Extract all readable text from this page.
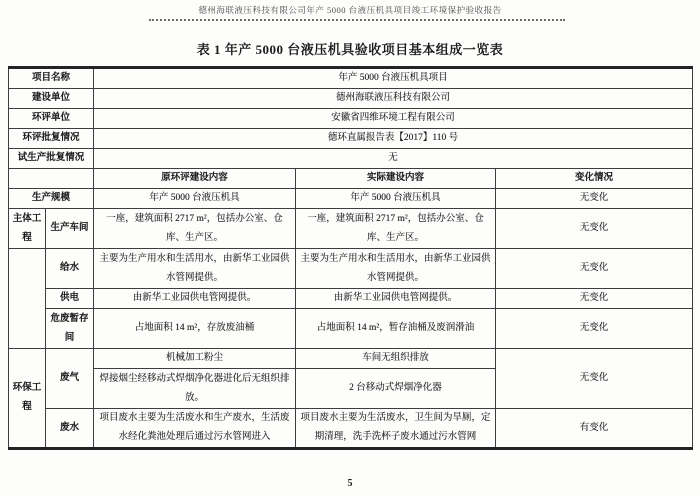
德州海联液压科技有限公司年产 5000 台液压机具项目竣工环境保护验收报告
表 1 年产 5000 台液压机具验收项目基本组成一览表
项目名称		年产 5000 台液压机具项目		
建设单位		德州海联液压科技有限公司		
环评单位		安徽省四维环境工程有限公司		
环评批复情况		德环直属报告表【2017】110 号		
试生产批复情况		无		
		原环评建设内容	实际建设内容	变化情况
生产规模		年产 5000 台液压机具	年产 5000 台液压机具	无变化
主体工程	生产车间	一座，建筑面积 2717 m²，包括办公室、仓库、生产区。	一座，建筑面积 2717 m²，包括办公室、仓库、生产区。	无变化
	给水	主要为生产用水和生活用水，由新华工业园供水管网提供。	主要为生产用水和生活用水，由新华工业园供水管网提供。	无变化
	供电	由新华工业园供电管网提供。	由新华工业园供电管网提供。	无变化
	危废暂存间	占地面积 14 m²，存放废油桶	占地面积 14 m²，暂存油桶及废润滑油	无变化
环保工程	废气	机械加工粉尘	车间无组织排放	无变化
		焊接烟尘经移动式焊烟净化器进化后无组织排放。	2 台移动式焊烟净化器	
	废水	项目废水主要为生活废水和生产废水，生活废水经化粪池处理后通过污水管网进入	项目废水主要为生活废水，卫生间为旱厕，定期清理，洗手洗杯子废水通过污水管网	有变化
5
